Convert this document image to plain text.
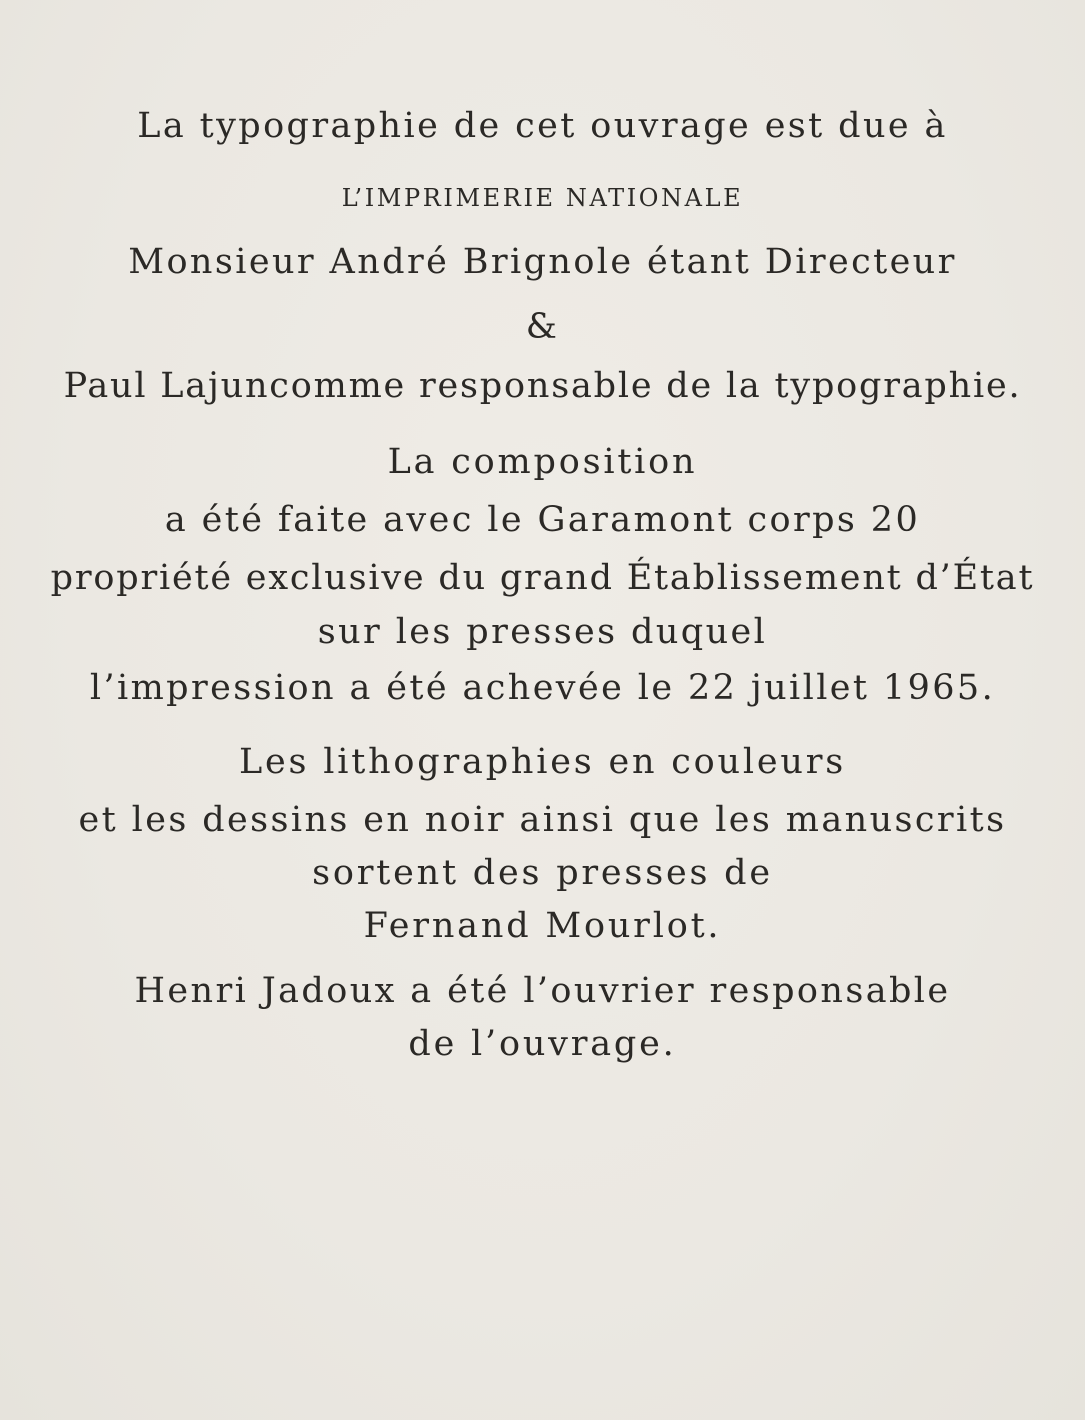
La typographie de cet ouvrage est due à
L’IMPRIMERIE NATIONALE
Monsieur André Brignole étant Directeur
&
Paul Lajuncomme responsable de la typographie.
La composition
a été faite avec le Garamont corps 20
propriété exclusive du grand Établissement d’État
sur les presses duquel
l’impression a été achevée le 22 juillet 1965.
Les lithographies en couleurs
et les dessins en noir ainsi que les manuscrits
sortent des presses de
Fernand Mourlot.
Henri Jadoux a été l’ouvrier responsable
de l’ouvrage.
